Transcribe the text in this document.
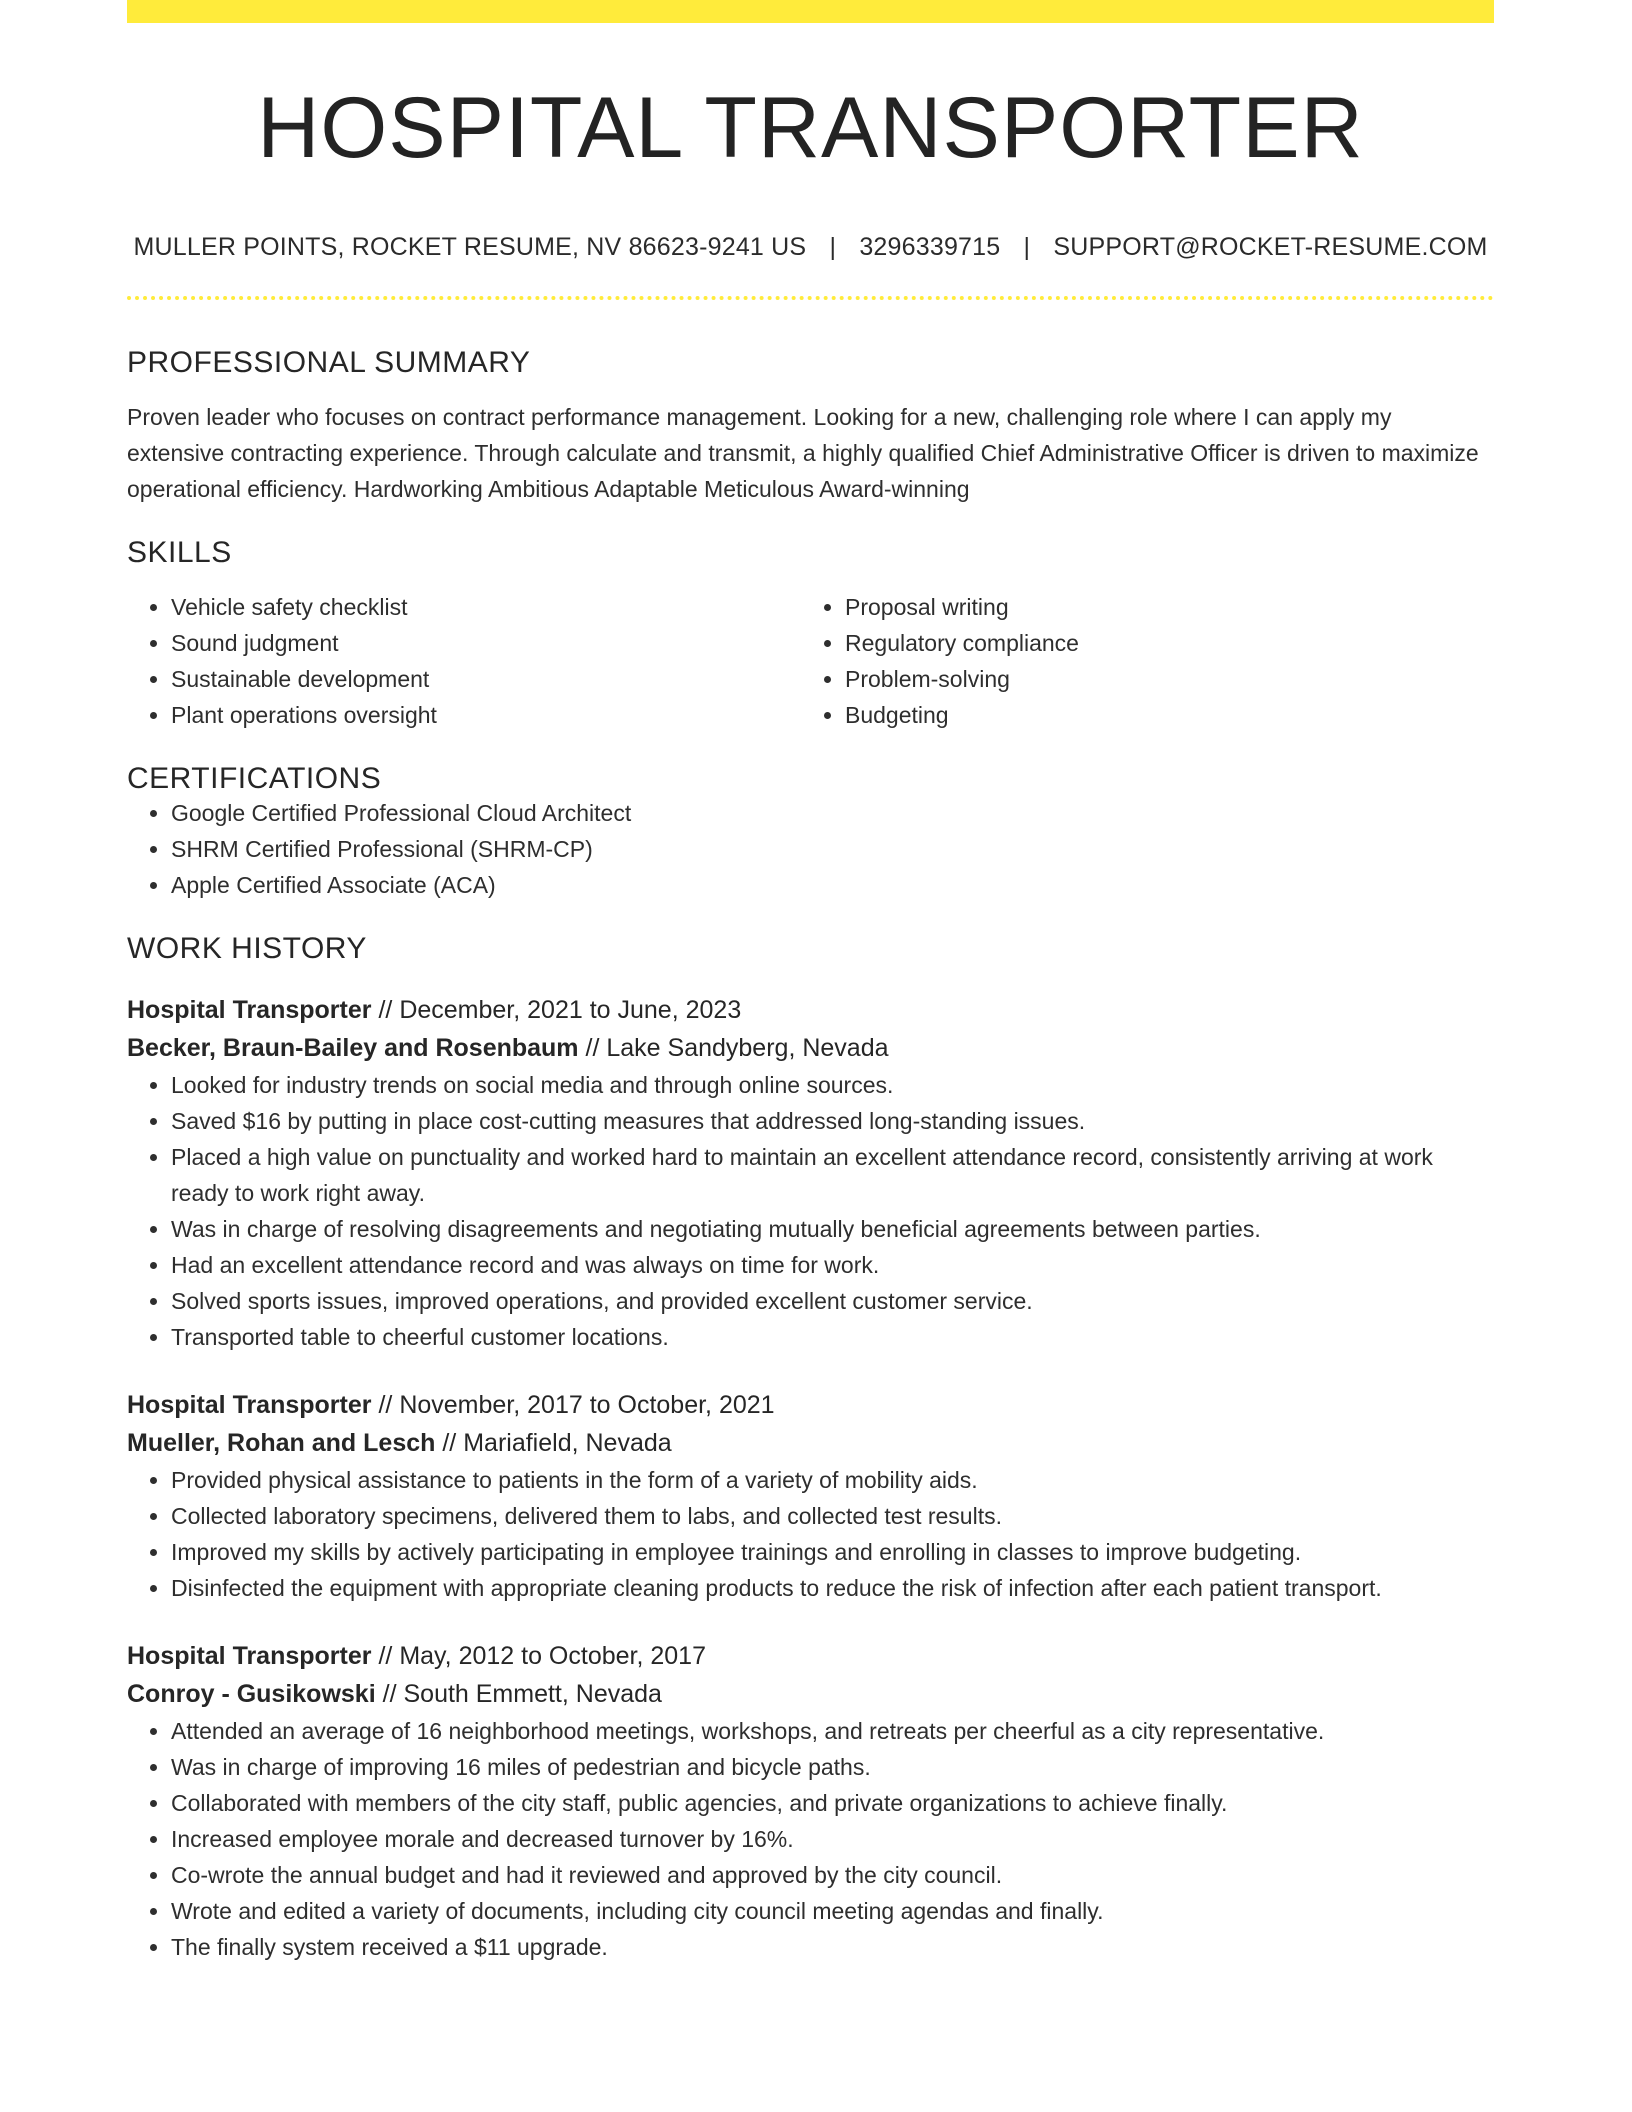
HOSPITAL TRANSPORTER
MULLER POINTS, ROCKET RESUME, NV 86623-9241 US | 3296339715 | SUPPORT@ROCKET-RESUME.COM
PROFESSIONAL SUMMARY

Proven leader who focuses on contract performance management. Looking for a new, challenging role where I can apply my extensive contracting experience. Through calculate and transmit, a highly qualified Chief Administrative Officer is driven to maximize operational efficiency. Hardworking Ambitious Adaptable Meticulous Award-winning

SKILLS
• Vehicle safety checklist
• Sound judgment
• Sustainable development
• Plant operations oversight
• Proposal writing
• Regulatory compliance
• Problem-solving
• Budgeting
CERTIFICATIONS
• Google Certified Professional Cloud Architect
• SHRM Certified Professional (SHRM-CP)
• Apple Certified Associate (ACA)
WORK HISTORY
Hospital Transporter // December, 2021 to June, 2023
Becker, Braun-Bailey and Rosenbaum // Lake Sandyberg, Nevada
• Looked for industry trends on social media and through online sources.
• Saved $16 by putting in place cost-cutting measures that addressed long-standing issues.
• Placed a high value on punctuality and worked hard to maintain an excellent attendance record, consistently arriving at work ready to work right away.
• Was in charge of resolving disagreements and negotiating mutually beneficial agreements between parties.
• Had an excellent attendance record and was always on time for work.
• Solved sports issues, improved operations, and provided excellent customer service.
• Transported table to cheerful customer locations.
Hospital Transporter // November, 2017 to October, 2021
Mueller, Rohan and Lesch // Mariafield, Nevada
• Provided physical assistance to patients in the form of a variety of mobility aids.
• Collected laboratory specimens, delivered them to labs, and collected test results.
• Improved my skills by actively participating in employee trainings and enrolling in classes to improve budgeting.
• Disinfected the equipment with appropriate cleaning products to reduce the risk of infection after each patient transport.
Hospital Transporter // May, 2012 to October, 2017
Conroy - Gusikowski // South Emmett, Nevada
• Attended an average of 16 neighborhood meetings, workshops, and retreats per cheerful as a city representative.
• Was in charge of improving 16 miles of pedestrian and bicycle paths.
• Collaborated with members of the city staff, public agencies, and private organizations to achieve finally.
• Increased employee morale and decreased turnover by 16%.
• Co-wrote the annual budget and had it reviewed and approved by the city council.
• Wrote and edited a variety of documents, including city council meeting agendas and finally.
• The finally system received a $11 upgrade.
